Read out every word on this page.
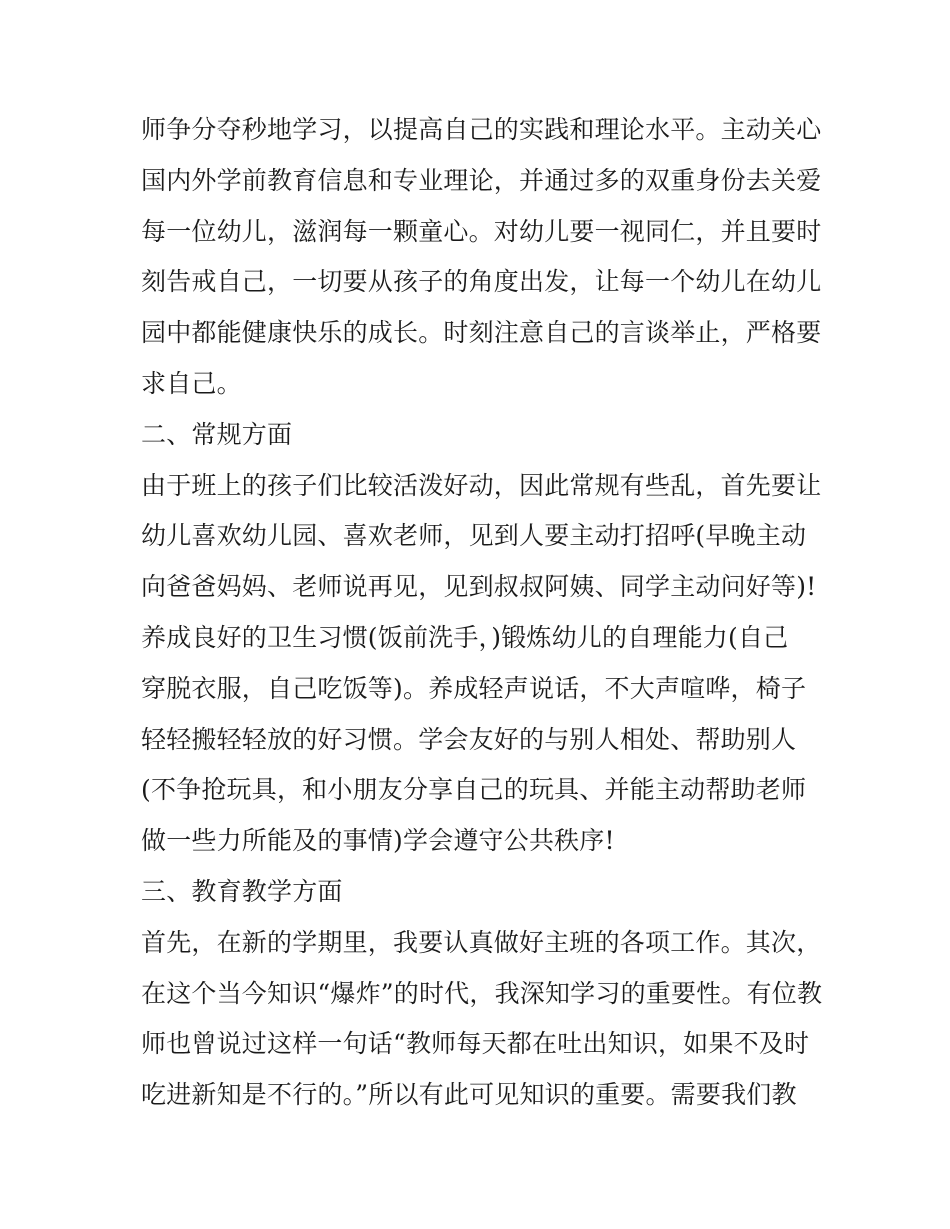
师争分夺秒地学习，以提高自己的实践和理论水平。主动关心
国内外学前教育信息和专业理论，并通过多的双重身份去关爱
每一位幼儿，滋润每一颗童心。对幼儿要一视同仁，并且要时
刻告戒自己，一切要从孩子的角度出发，让每一个幼儿在幼儿
园中都能健康快乐的成长。时刻注意自己的言谈举止，严格要
求自己。
二、常规方面
由于班上的孩子们比较活泼好动，因此常规有些乱，首先要让
幼儿喜欢幼儿园、喜欢老师，见到人要主动打招呼(早晚主动
向爸爸妈妈、老师说再见，见到叔叔阿姨、同学主动问好等)!
养成良好的卫生习惯(饭前洗手，)锻炼幼儿的自理能力(自己
穿脱衣服，自己吃饭等)。养成轻声说话，不大声喧哗，椅子
轻轻搬轻轻放的好习惯。学会友好的与别人相处、帮助别人
(不争抢玩具，和小朋友分享自己的玩具、并能主动帮助老师
做一些力所能及的事情)学会遵守公共秩序!
三、教育教学方面
首先，在新的学期里，我要认真做好主班的各项工作。其次，
在这个当今知识“爆炸”的时代，我深知学习的重要性。有位教
师也曾说过这样一句话“教师每天都在吐出知识，如果不及时
吃进新知是不行的。”所以有此可见知识的重要。需要我们教
